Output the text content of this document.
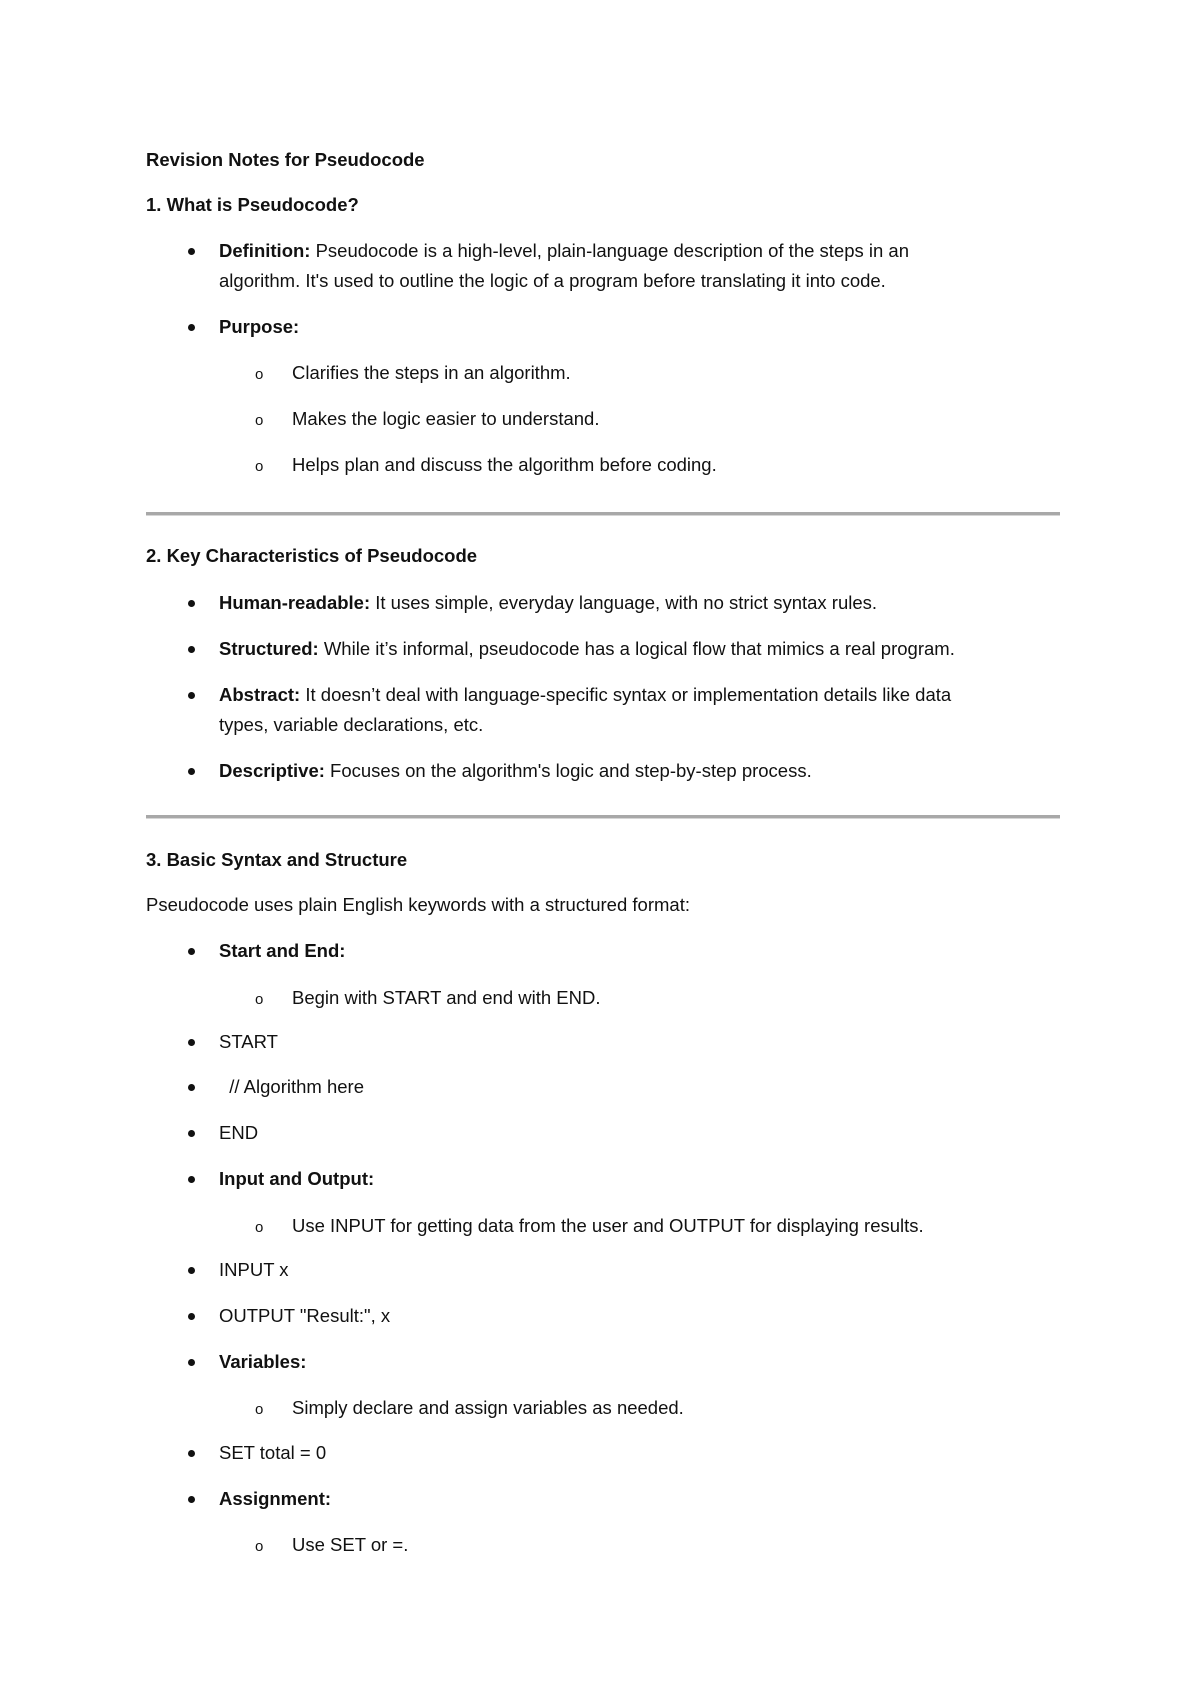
Revision Notes for Pseudocode
1. What is Pseudocode?
Definition: Pseudocode is a high-level, plain-language description of the steps in an
algorithm. It's used to outline the logic of a program before translating it into code.
Purpose:
o Clarifies the steps in an algorithm.
o Makes the logic easier to understand.
o Helps plan and discuss the algorithm before coding.
2. Key Characteristics of Pseudocode
Human-readable: It uses simple, everyday language, with no strict syntax rules.
Structured: While it’s informal, pseudocode has a logical flow that mimics a real program.
Abstract: It doesn’t deal with language-specific syntax or implementation details like data
types, variable declarations, etc.
Descriptive: Focuses on the algorithm's logic and step-by-step process.
3. Basic Syntax and Structure
Pseudocode uses plain English keywords with a structured format:
Start and End:
o Begin with START and end with END.
START
// Algorithm here
END
Input and Output:
o Use INPUT for getting data from the user and OUTPUT for displaying results.
INPUT x
OUTPUT "Result:", x
Variables:
o Simply declare and assign variables as needed.
SET total = 0
Assignment:
o Use SET or =.
